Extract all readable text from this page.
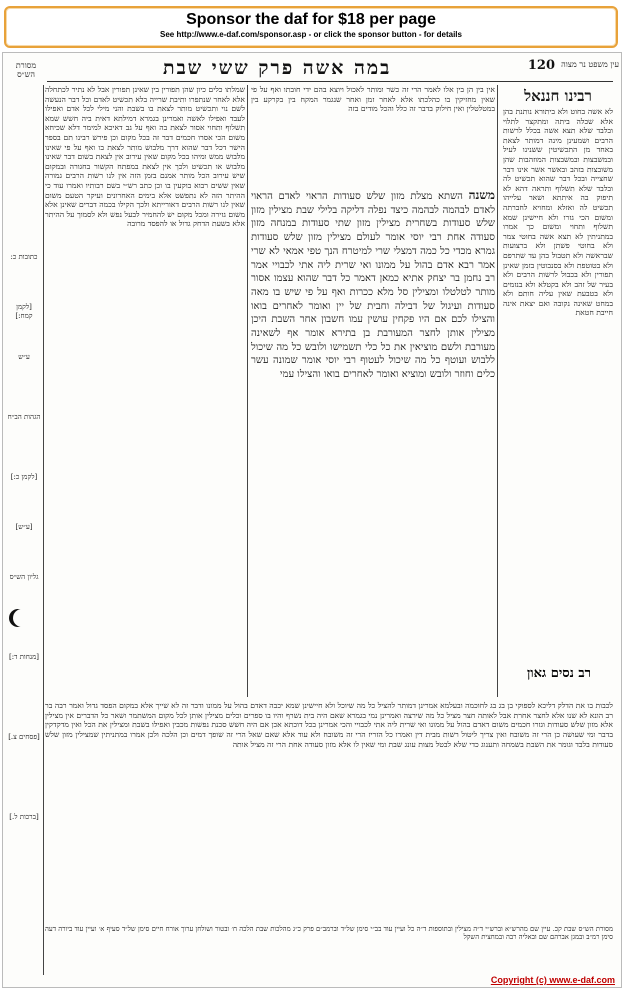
Sponsor the daf for $18 per page
See http://www.e-daf.com/sponsor.asp - or click the sponsor button - for details
מסורת הש״ס	במה אשה פרק ששי שבת	120 עין משפט נר מצוה
רבינו חננאל
לא אשה בחוט ולא ביתורא נותנת בהן אלא שכלה ביתה ומתקצר לתלוי ובלבד שלא תצא אשה בכלל לרשות הרבים ושמעינן מינה דמותר לצאת באחד מן התכשיטין ששנינו לעיל ובמשבצות ובמשבצות המוזהבות שהן משובצות בזהב ובאשר אשר אינו דבר שחצייה ובכל דבר שהוא תכשיט לה ובלבד שלא תשלוף ותראה דהא לא תיפוק בה איתתא ושאר עלייהו תכשיט לה ואזלא ומחויא לחברתה ומשום הכי גזרו ולא חיישינן שמא תשלוף ותחוי ומשום כך אמרו במתניתין לא תצא אשה בחוטי צמר ולא בחוטי פשתן ולא ברצועות שבראשה ולא תטבול בהן עד שתרפם ולא בטוטפת ולא בסנבוטין בזמן שאינן תפורין ולא בכבול לרשות הרבים ולא בעיר של זהב ולא בקטלא ולא בנזמים ולא בטבעת שאין עליה חותם ולא במחט שאינה נקובה ואם יצאת אינה חייבת חטאת
אין בין הן בין אלו לאמר הרי זה כשר ומותר לאכול ויוצא בהם ידי חובתו ואף על פי שאין מחזיקין בו כהלכתו אלא לאחר זמן ואחר שנגמר המקח בין בקרקע בין במטלטלין ואין חילוק בדבר זה כלל והכל מודים בזה
משנה השתא מצלת מזון שלש סעודות הראוי לאדם הראוי לאדם לבהמה לבהמה כיצד נפלה דליקה בלילי שבת מצילין מזון שלש סעודות בשחרית מצילין מזון שתי סעודות במנחה מזון סעודה אחת רבי יוסי אומר לעולם מצילין מזון שלש סעודות גמרא מכדי כל כמה דמצלי שרי למיטרח הנך טפי אמאי לא שרי אמר רבא אדם בהול על ממונו ואי שרית ליה אתי לכבויי אמר רב נחמן בר יצחק אתיא כמאן דאמר כל דבר שהוא עצמו אסור מותר לטלטלו ומצילין סל מלא ככרות ואף על פי שיש בו מאה סעודות ועיגול של דבילה וחבית של יין ואומר לאחרים בואו והצילו לכם אם היו פקחין עושין עמו חשבון אחר השבת היכן מצילין אותן לחצר המעורבת בן בתירא אומר אף לשאינה מעורבת ולשם מוציאין את כל כלי תשמישו ולובש כל מה שיכול ללבוש ועוטף כל מה שיכול לעטוף רבי יוסי אומר שמונה עשר כלים וחוזר ולובש ומוציא ואומר לאחרים בואו והצילו עמי
שמלתו כלים כיון שהן תפורין בין שאינן תפורין אבל לא נתיר לכתחלה אלא לאחר שנתפרו ותיבת שרייה בלא תכשיט לאדם וכל דבר הנעשה לשם נוי ותכשיט מותר לצאת בו בשבת והני מילי לכל אדם ואפילו לעבד ואפילו לאשה ואמרינן בגמרא דמילתא דאית ביה חשש שמא תשלוף ותחוי אסור לצאת בה ואף על גב דאיכא למימר דלא שכיחא משום הכי אסרו חכמים דבר זה בכל מקום וכן פירש רבינו תם בספר הישר דכל דבר שהוא דרך מלבוש מותר לצאת בו ואף על פי שאינו מלבוש ממש ומיהו בכל מקום שאין עירוב אין לצאת בשום דבר שאינו מלבוש או תכשיט ולכך אין לצאת במפתח הקשור בחגורה ובמקום שיש עירוב הכל מותר אמנם בזמן הזה אין לנו רשות הרבים גמורה שאין ששים רבוא בוקעין בו וכן כתב רש״י בשם רבותיו ואמרו עוד כי ההיתר הזה לא נתפשט אלא בימים האחרונים ועיקר הטעם משום שאין לנו רשות הרבים דאורייתא ולכך הקילו בכמה דברים שאינן אלא משום גזירה ומכל מקום יש להחמיר לבעל נפש ולא לסמוך על ההיתר אלא בשעת הדחק גדול או להפסד מרובה
לכבות בו את הדלק דליכא לספוקי בן בג בג לחוכמה ובעלמא אמרינן דמותר להציל כל מה שיוכל ולא חיישינן שמא יכבה דאדם בהול על ממונו ודבר זה לא שייך אלא במקום הפסד גדול ואמר רבה בר רב הונא לא שנו אלא לחצר אחרת אבל לאותה חצר מציל כל מה שירצה ואמרינן נמי בגמרא שאם היה בית נשרף והיו בו ספרים וכלים מצילין אותן לכל מקום המשתמר ושאר כל הדברים אין מצילין אלא מזון שלש סעודות וגזרו חכמים משום דאדם בהול על ממונו ואי שרית ליה אתי לכבויי והכי אמרינן בכל דוכתא אכן אם היה חשש סכנת נפשות מכבין ואפילו בשבת ומצילין את הכל ואין מדקדקין בדבר ומי שעושה כן הרי זה משובח ואין צריך ליטול רשות מבית דין ואמרו כל הזריז הרי זה משובח ולא עוד אלא שאם שאל הרי זה שופך דמים וכן הלכה ולכן אמרו במתניתין שמצילין מזון שלש סעודות בלבד וגומר את השבת בשמחה ותענוג כדי שלא לבטל מצות עונג שבת ומי שאין לו אלא מזון סעודה אחת הרי זה מציל אותה
רב נסים גאון
מסורת הש״ס שבת קכ. עיין שם מהרש״א וברש״י ד״ה מצילין ובתוספות ד״ה כל ועיין עוד בב״י סימן של״ד וברמב״ם פרק כ״ג מהלכות שבת הלכה ח׳ ובטור ושולחן ערוך אורח חיים סימן של״ד סעיף א׳ ועיין עוד ביורה דעה סימן רמ״ב ובמגן אברהם שם ובאליה רבה ובמחצית השקל
כתובות כ:
[לקמן קמח:]
ע״ש
הגהות הב״ח
[לקמן כ:]
[ע״ש]
גליון הש״ס
[מנחות ד:]
[פסחים צ.]
[ברכות ל.]
Copyright (c) www.e-daf.com
